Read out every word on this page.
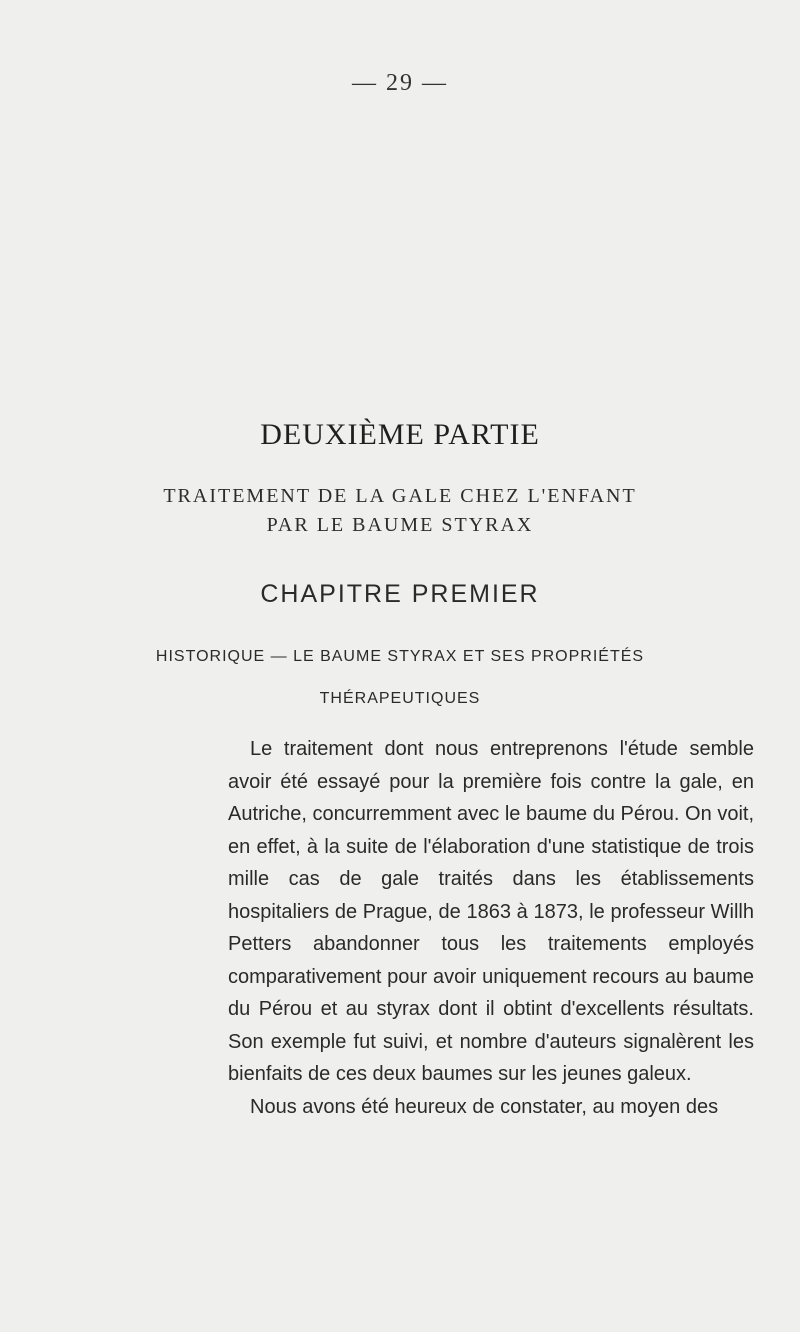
— 29 —
DEUXIÈME PARTIE
TRAITEMENT DE LA GALE CHEZ L'ENFANT
PAR LE BAUME STYRAX
CHAPITRE PREMIER
HISTORIQUE — LE BAUME STYRAX ET SES PROPRIÉTÉS
THÉRAPEUTIQUES

Le traitement dont nous entreprenons l'étude semble avoir été essayé pour la première fois contre la gale, en Autriche, concurremment avec le baume du Pérou. On voit, en effet, à la suite de l'élaboration d'une statistique de trois mille cas de gale traités dans les établissements hospitaliers de Prague, de 1863 à 1873, le professeur Willh Petters abandonner tous les traitements employés comparativement pour avoir uniquement recours au baume du Pérou et au styrax dont il obtint d'excellents résultats. Son exemple fut suivi, et nombre d'auteurs signalèrent les bienfaits de ces deux baumes sur les jeunes galeux.

Nous avons été heureux de constater, au moyen des
